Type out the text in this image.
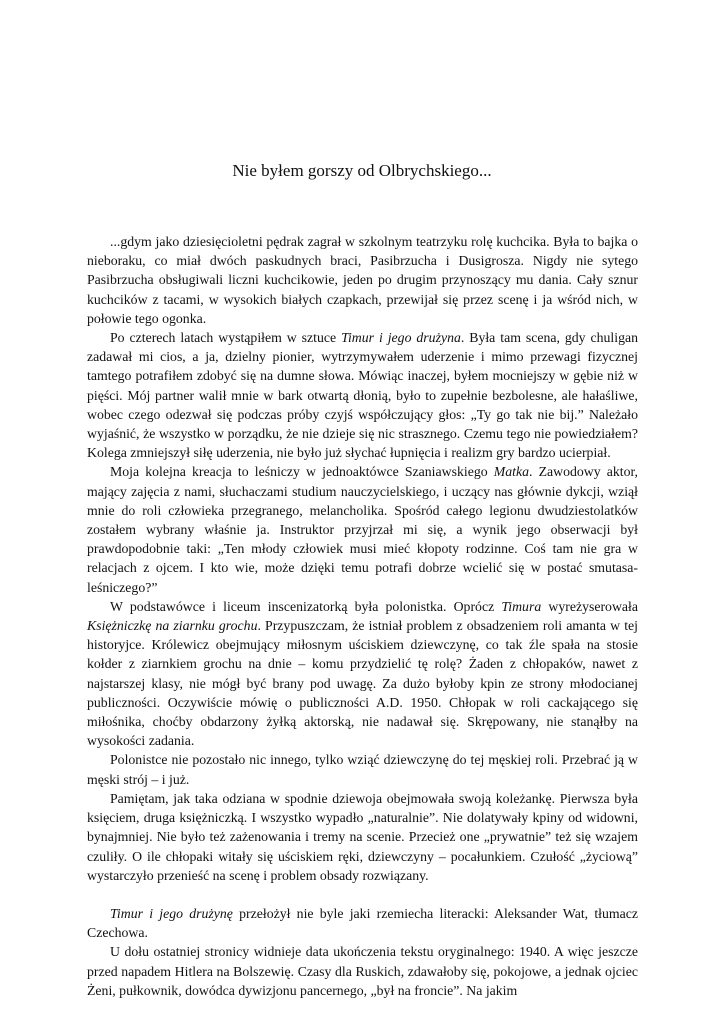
Nie byłem gorszy od Olbrychskiego...

...gdym jako dziesięcioletni pędrak zagrał w szkolnym teatrzyku rolę kuchcika. Była to bajka o nieboraku, co miał dwóch paskudnych braci, Pasibrzucha i Dusigrosza. Nigdy nie sytego Pasibrzucha obsługiwali liczni kuchcikowie, jeden po drugim przynoszący mu dania. Cały sznur kuchcików z tacami, w wysokich białych czapkach, przewijał się przez scenę i ja wśród nich, w połowie tego ogonka.

Po czterech latach wystąpiłem w sztuce Timur i jego drużyna. Była tam scena, gdy chuligan zadawał mi cios, a ja, dzielny pionier, wytrzymywałem uderzenie i mimo przewagi fizycznej tamtego potrafiłem zdobyć się na dumne słowa. Mówiąc inaczej, byłem mocniejszy w gębie niż w pięści. Mój partner walił mnie w bark otwartą dłonią, było to zupełnie bezbolesne, ale hałaśliwe, wobec czego odezwał się podczas próby czyjś współczujący głos: „Ty go tak nie bij.” Należało wyjaśnić, że wszystko w porządku, że nie dzieje się nic strasznego. Czemu tego nie powiedziałem? Kolega zmniejszył siłę uderzenia, nie było już słychać łupnięcia i realizm gry bardzo ucierpiał.

Moja kolejna kreacja to leśniczy w jednoaktówce Szaniawskiego Matka. Zawodowy aktor, mający zajęcia z nami, słuchaczami studium nauczycielskiego, i uczący nas głównie dykcji, wziął mnie do roli człowieka przegranego, melancholika. Spośród całego legionu dwudziestolatków zostałem wybrany właśnie ja. Instruktor przyjrzał mi się, a wynik jego obserwacji był prawdopodobnie taki: „Ten młody człowiek musi mieć kłopoty rodzinne. Coś tam nie gra w relacjach z ojcem. I kto wie, może dzięki temu potrafi dobrze wcielić się w postać smutasa-leśniczego?”

W podstawówce i liceum inscenizatorką była polonistka. Oprócz Timura wyreżyserowała Księżniczkę na ziarnku grochu. Przypuszczam, że istniał problem z obsadzeniem roli amanta w tej historyjce. Królewicz obejmujący miłosnym uściskiem dziewczynę, co tak źle spała na stosie kołder z ziarnkiem grochu na dnie – komu przydzielić tę rolę? Żaden z chłopaków, nawet z najstarszej klasy, nie mógł być brany pod uwagę. Za dużo byłoby kpin ze strony młodocianej publiczności. Oczywiście mówię o publiczności A.D. 1950. Chłopak w roli cackającego się miłośnika, choćby obdarzony żyłką aktorską, nie nadawał się. Skrępowany, nie stanąłby na wysokości zadania.

Polonistce nie pozostało nic innego, tylko wziąć dziewczynę do tej męskiej roli. Przebrać ją w męski strój – i już.

Pamiętam, jak taka odziana w spodnie dziewoja obejmowała swoją koleżankę. Pierwsza była księciem, druga księżniczką. I wszystko wypadło „naturalnie”. Nie dolatywały kpiny od widowni, bynajmniej. Nie było też zażenowania i tremy na scenie. Przecież one „prywatnie” też się wzajem czuliły. O ile chłopaki witały się uściskiem ręki, dziewczyny – pocałunkiem. Czułość „życiową” wystarczyło przenieść na scenę i problem obsady rozwiązany.

Timur i jego drużynę przełożył nie byle jaki rzemiecha literacki: Aleksander Wat, tłumacz Czechowa.

U dołu ostatniej stronicy widnieje data ukończenia tekstu oryginalnego: 1940. A więc jeszcze przed napadem Hitlera na Bolszewię. Czasy dla Ruskich, zdawałoby się, pokojowe, a jednak ojciec Żeni, pułkownik, dowódca dywizjonu pancernego, „był na froncie”. Na jakim
